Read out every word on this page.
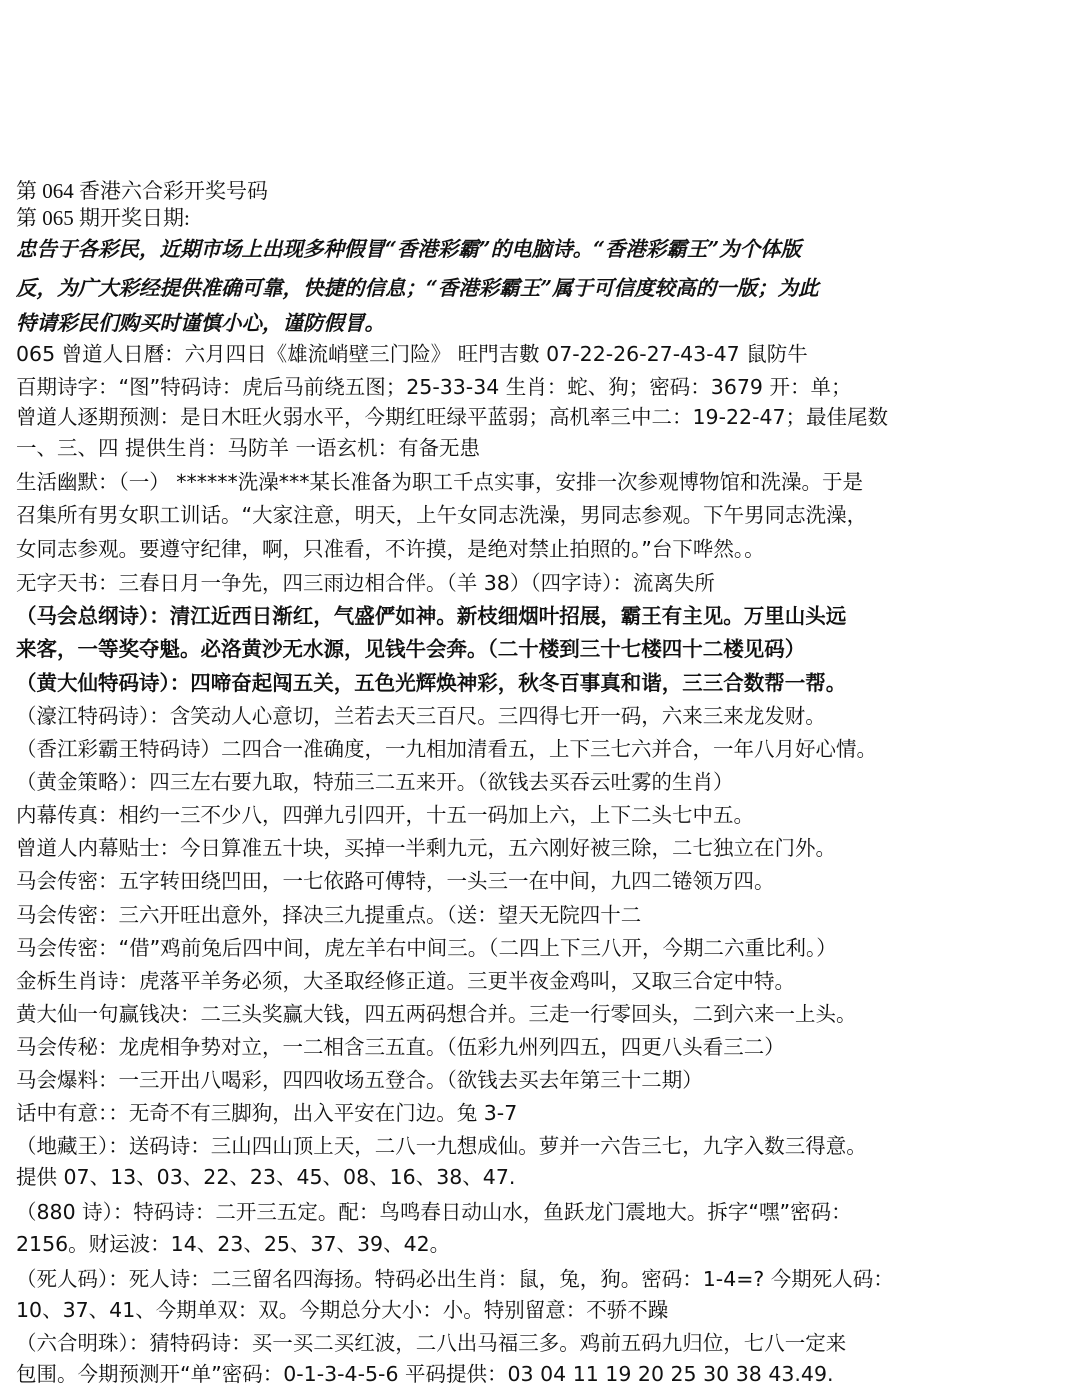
第 064 香港六合彩开奖号码
第 065 期开奖日期:
忠告于各彩民，近期市场上出现多种假冒“香港彩霸”的电脑诗。“香港彩霸王”为个体版
反，为广大彩经提供准确可靠，快捷的信息；“香港彩霸王”属于可信度较高的一版；为此
特请彩民们购买时谨慎小心，谨防假冒。
065 曾道人日曆：六月四日《雄流峭壁三门险》 旺門吉數 07-22-26-27-43-47 鼠防牛
百期诗字：“图”特码诗：虎后马前绕五图；25-33-34 生肖：蛇、狗；密码：3679 开：单；
曾道人逐期预测：是日木旺火弱水平，今期红旺绿平蓝弱；高机率三中二：19-22-47；最佳尾数
一、三、四 提供生肖：马防羊 一语玄机：有备无患
生活幽默：（一） ******洗澡***某长准备为职工千点实事，安排一次参观博物馆和洗澡。于是
召集所有男女职工训话。“大家注意，明天，上午女同志洗澡，男同志参观。下午男同志洗澡，
女同志参观。要遵守纪律，啊，只准看，不许摸，是绝对禁止拍照的。”台下哗然。。
无字天书：三春日月一争先，四三雨边相合伴。（羊 38）（四字诗）：流离失所
（马会总纲诗）：清江近西日渐红，气盛俨如神。新枝细烟叶招展，霸王有主见。万里山头远
来客，一等奖夺魁。必洛黄沙无水源，见钱牛会奔。（二十楼到三十七楼四十二楼见码）
（黄大仙特码诗）：四啼奋起闯五关，五色光辉焕神彩，秋冬百事真和谐，三三合数帮一帮。
（濠江特码诗）：含笑动人心意切，兰若去天三百尺。三四得七开一码，六来三来龙发财。
（香江彩霸王特码诗）二四合一准确度，一九相加清看五，上下三七六并合，一年八月好心情。
（黄金策略）：四三左右要九取，特茄三二五来开。（欲钱去买吞云吐雾的生肖）
内幕传真：相约一三不少八，四弹九引四开，十五一码加上六，上下二头七中五。
曾道人内幕贴士：今日算准五十块，买掉一半剩九元，五六刚好被三除，二七独立在门外。
马会传密：五字转田绕凹田，一七依路可傅特，一头三一在中间，九四二锩领万四。
马会传密：三六开旺出意外，择决三九提重点。（送：望天无院四十二
马会传密：“借”鸡前兔后四中间，虎左羊右中间三。（二四上下三八开，今期二六重比利。）
金柝生肖诗：虎落平羊务必须，大圣取经修正道。三更半夜金鸡叫，又取三合定中特。
黄大仙一句赢钱决：二三头奖赢大钱，四五两码想合并。三走一行零回头，二到六来一上头。
马会传秘：龙虎相争势对立，一二相含三五直。（伍彩九州列四五，四更八头看三二）
马会爆料：一三开出八喝彩，四四收场五登合。（欲钱去买去年第三十二期）
话中有意：：无奇不有三脚狗，出入平安在门边。兔 3-7
（地藏王）：送码诗：三山四山顶上天，二八一九想成仙。萝并一六告三七，九字入数三得意。
提供 07、13、03、22、23、45、08、16、38、47.
（880 诗）：特码诗：二开三五定。配：鸟鸣春日动山水，鱼跃龙门震地大。拆字“嘿”密码：
2156。财运波：14、23、25、37、39、42。
（死人码）：死人诗：二三留名四海扬。特码必出生肖：鼠，兔，狗。密码：1-4=? 今期死人码：
10、37、41、今期单双：双。今期总分大小：小。特别留意：不骄不躁
（六合明珠）：猜特码诗：买一买二买红波，二八出马福三多。鸡前五码九归位，七八一定来
包围。今期预测开“单”密码：0-1-3-4-5-6 平码提供：03 04 11 19 20 25 30 38 43.49.
